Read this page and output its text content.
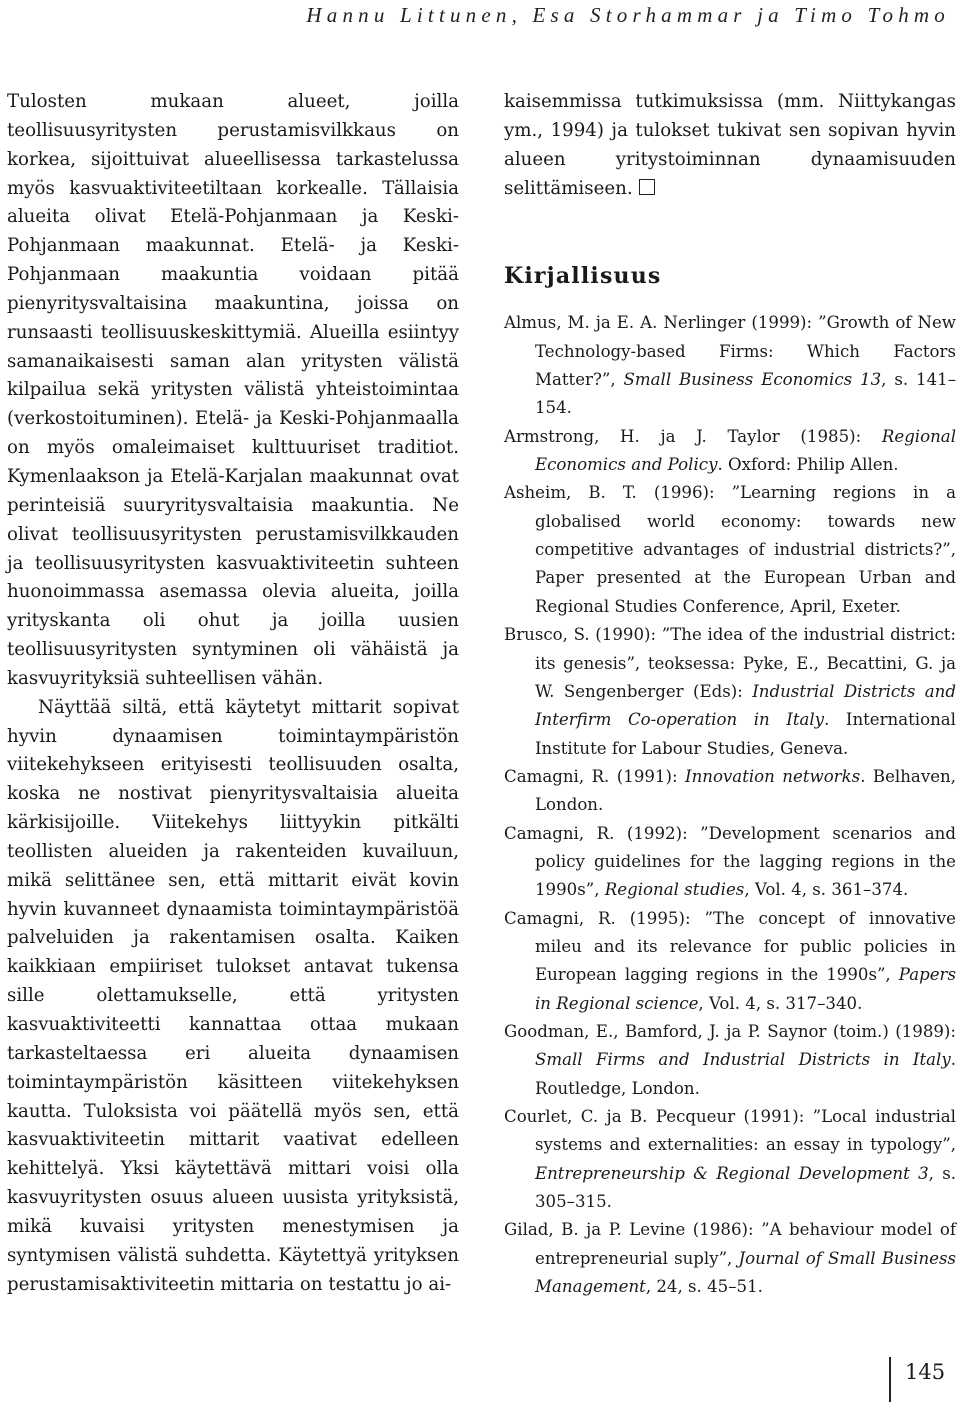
Hannu Littunen, Esa Storhammar ja Timo Tohmo

Tulosten mukaan alueet, joilla teollisuusyritysten perustamisvilkkaus on korkea, sijoittuivat alueellisessa tarkastelussa myös kasvuaktiviteetiltaan korkealle. Tällaisia alueita olivat Etelä-Pohjanmaan ja Keski-Pohjanmaan maakunnat. Etelä- ja Keski-Pohjanmaan maakuntia voidaan pitää pienyritysvaltaisina maakuntina, joissa on runsaasti teollisuuskeskittymiä. Alueilla esiintyy samanaikaisesti saman alan yritysten välistä kilpailua sekä yritysten välistä yhteistoimintaa (verkostoituminen). Etelä- ja Keski-Pohjanmaalla on myös omaleimaiset kulttuuriset traditiot. Kymenlaakson ja Etelä-Karjalan maakunnat ovat perinteisiä suuryritysvaltaisia maakuntia. Ne olivat teollisuusyritysten perustamisvilkkauden ja teollisuusyritysten kasvuaktiviteetin suhteen huonoimmassa asemassa olevia alueita, joilla yrityskanta oli ohut ja joilla uusien teollisuusyritysten syntyminen oli vähäistä ja kasvuyrityksiä suhteellisen vähän.

Näyttää siltä, että käytetyt mittarit sopivat hyvin dynaamisen toimintaympäristön viitekehykseen erityisesti teollisuuden osalta, koska ne nostivat pienyritysvaltaisia alueita kärkisijoille. Viitekehys liittyykin pitkälti teollisten alueiden ja rakenteiden kuvailuun, mikä selittänee sen, että mittarit eivät kovin hyvin kuvanneet dynaamista toimintaympäristöä palveluiden ja rakentamisen osalta. Kaiken kaikkiaan empiiriset tulokset antavat tukensa sille olettamukselle, että yritysten kasvuaktiviteetti kannattaa ottaa mukaan tarkasteltaessa eri alueita dynaamisen toimintaympäristön käsitteen viitekehyksen kautta. Tuloksista voi päätellä myös sen, että kasvuaktiviteetin mittarit vaativat edelleen kehittelyä. Yksi käytettävä mittari voisi olla kasvuyritysten osuus alueen uusista yrityksistä, mikä kuvaisi yritysten menestymisen ja syntymisen välistä suhdetta. Käytettyä yrityksen perustamisaktiviteetin mittaria on testattu jo ai-

kaisemmissa tutkimuksissa (mm. Niittykangas ym., 1994) ja tulokset tukivat sen sopivan hyvin alueen yritystoiminnan dynaamisuuden selittämiseen.

Kirjallisuus
Almus, M. ja E. A. Nerlinger (1999): ”Growth of New Technology-based Firms: Which Factors Matter?”, Small Business Economics 13, s. 141–154.
Armstrong, H. ja J. Taylor (1985): Regional Economics and Policy. Oxford: Philip Allen.
Asheim, B. T. (1996): ”Learning regions in a globalised world economy: towards new competitive advantages of industrial districts?”, Paper presented at the European Urban and Regional Studies Conference, April, Exeter.
Brusco, S. (1990): ”The idea of the industrial district: its genesis”, teoksessa: Pyke, E., Becattini, G. ja W. Sengenberger (Eds): Industrial Districts and Interfirm Co-operation in Italy. International Institute for Labour Studies, Geneva.
Camagni, R. (1991): Innovation networks. Belhaven, London.
Camagni, R. (1992): ”Development scenarios and policy guidelines for the lagging regions in the 1990s”, Regional studies, Vol. 4, s. 361–374.
Camagni, R. (1995): ”The concept of innovative mileu and its relevance for public policies in European lagging regions in the 1990s”, Papers in Regional science, Vol. 4, s. 317–340.
Goodman, E., Bamford, J. ja P. Saynor (toim.) (1989): Small Firms and Industrial Districts in Italy. Routledge, London.
Courlet, C. ja B. Pecqueur (1991): ”Local industrial systems and externalities: an essay in typology”, Entrepreneurship & Regional Development 3, s. 305–315.
Gilad, B. ja P. Levine (1986): ”A behaviour model of entrepreneurial suply”, Journal of Small Business Management, 24, s. 45–51.
145
